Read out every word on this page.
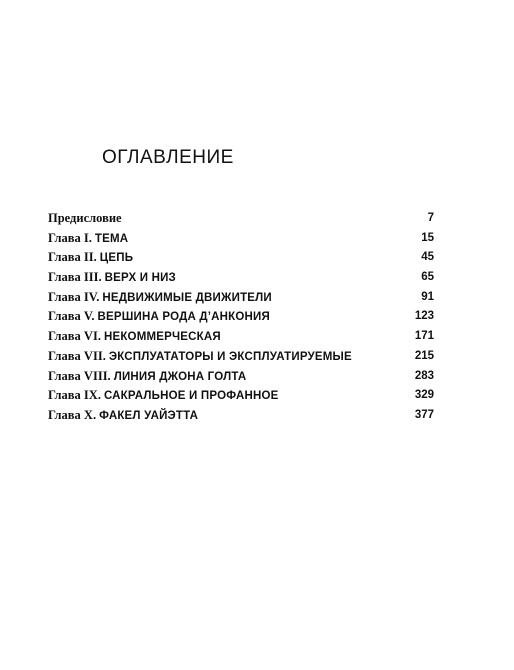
ОГЛАВЛЕНИЕ
Предисловие	7
Глава I. ТЕМА	15
Глава II. ЦЕПЬ	45
Глава III. ВЕРХ И НИЗ	65
Глава IV. НЕДВИЖИМЫЕ ДВИЖИТЕЛИ	91
Глава V. ВЕРШИНА РОДА Д’АНКОНИЯ	123
Глава VI. НЕКОММЕРЧЕСКАЯ	171
Глава VII. ЭКСПЛУАТАТОРЫ И ЭКСПЛУАТИРУЕМЫЕ	215
Глава VIII. ЛИНИЯ ДЖОНА ГОЛТА	283
Глава IX. САКРАЛЬНОЕ И ПРОФАННОЕ	329
Глава X. ФАКЕЛ УАЙЭТТА	377
